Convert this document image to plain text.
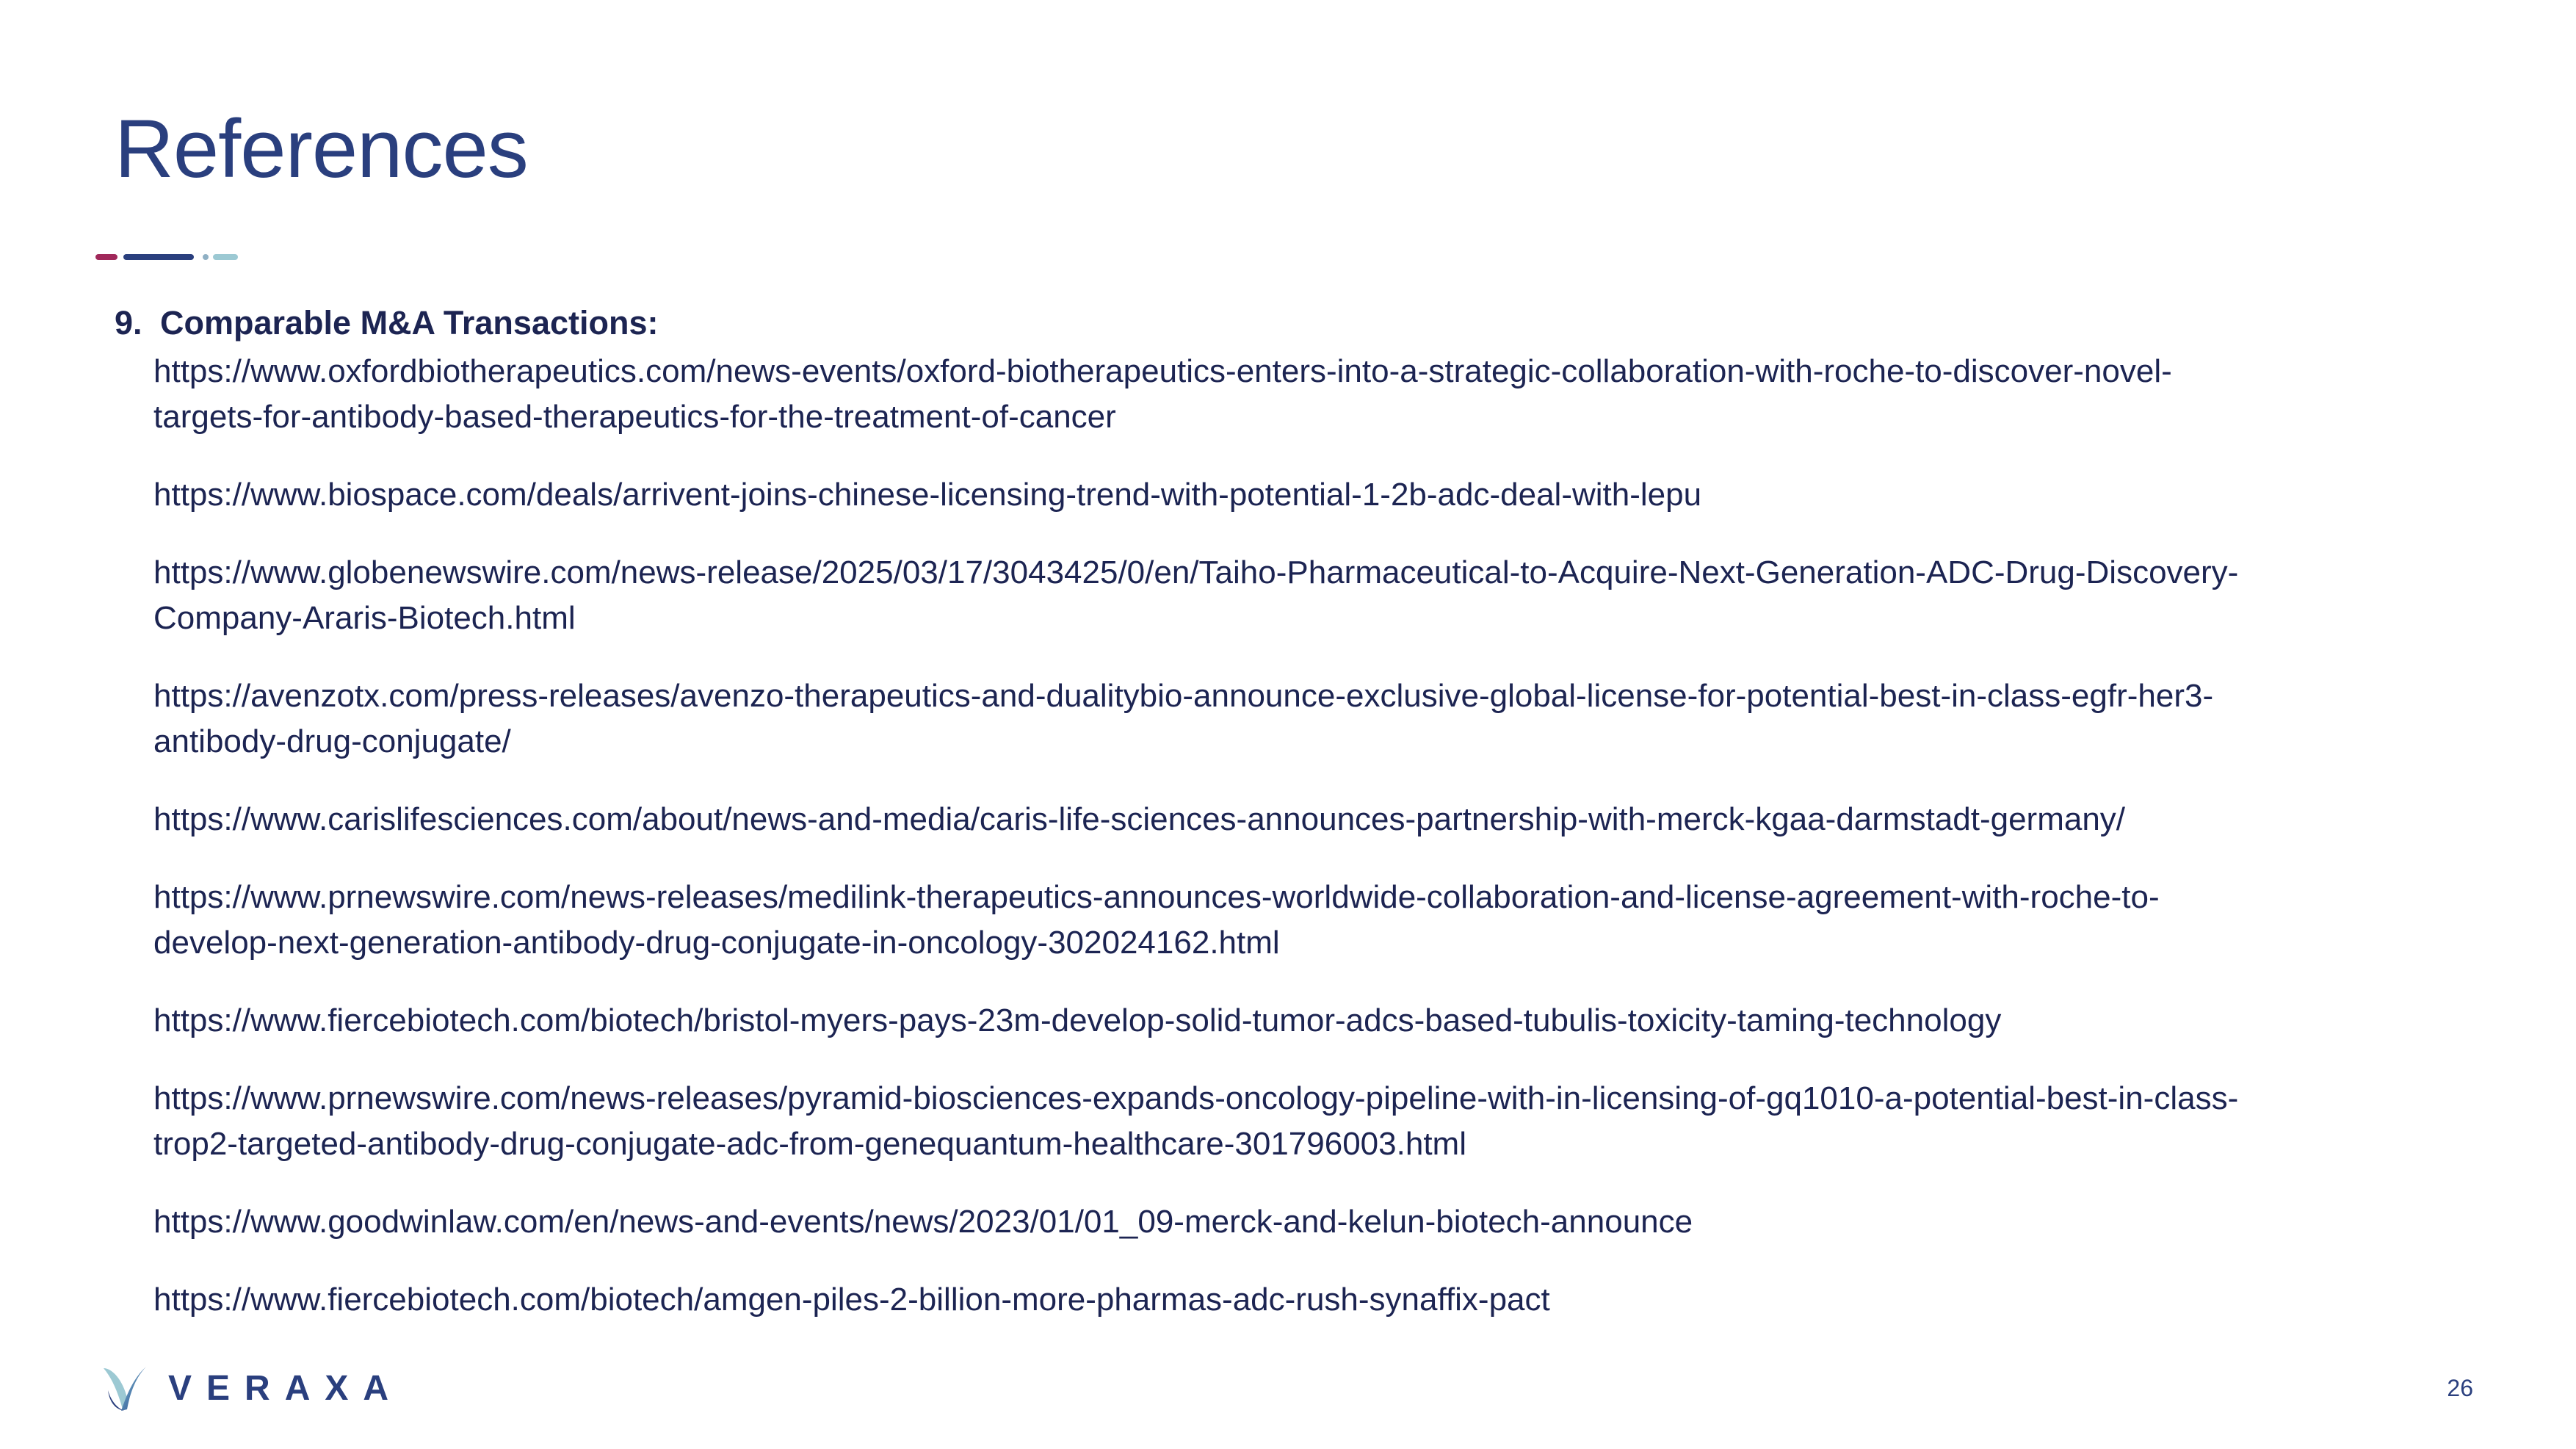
References
9. Comparable M&A Transactions:
https://www.oxfordbiotherapeutics.com/news-events/oxford-biotherapeutics-enters-into-a-strategic-collaboration-with-roche-to-discover-novel-
targets-for-antibody-based-therapeutics-for-the-treatment-of-cancer
https://www.biospace.com/deals/arrivent-joins-chinese-licensing-trend-with-potential-1-2b-adc-deal-with-lepu
https://www.globenewswire.com/news-release/2025/03/17/3043425/0/en/Taiho-Pharmaceutical-to-Acquire-Next-Generation-ADC-Drug-Discovery-
Company-Araris-Biotech.html
https://avenzotx.com/press-releases/avenzo-therapeutics-and-dualitybio-announce-exclusive-global-license-for-potential-best-in-class-egfr-her3-
antibody-drug-conjugate/
https://www.carislifesciences.com/about/news-and-media/caris-life-sciences-announces-partnership-with-merck-kgaa-darmstadt-germany/
https://www.prnewswire.com/news-releases/medilink-therapeutics-announces-worldwide-collaboration-and-license-agreement-with-roche-to-
develop-next-generation-antibody-drug-conjugate-in-oncology-302024162.html
https://www.fiercebiotech.com/biotech/bristol-myers-pays-23m-develop-solid-tumor-adcs-based-tubulis-toxicity-taming-technology
https://www.prnewswire.com/news-releases/pyramid-biosciences-expands-oncology-pipeline-with-in-licensing-of-gq1010-a-potential-best-in-class-
trop2-targeted-antibody-drug-conjugate-adc-from-genequantum-healthcare-301796003.html
https://www.goodwinlaw.com/en/news-and-events/news/2023/01/01_09-merck-and-kelun-biotech-announce
https://www.fiercebiotech.com/biotech/amgen-piles-2-billion-more-pharmas-adc-rush-synaffix-pact
VERAXA	26
